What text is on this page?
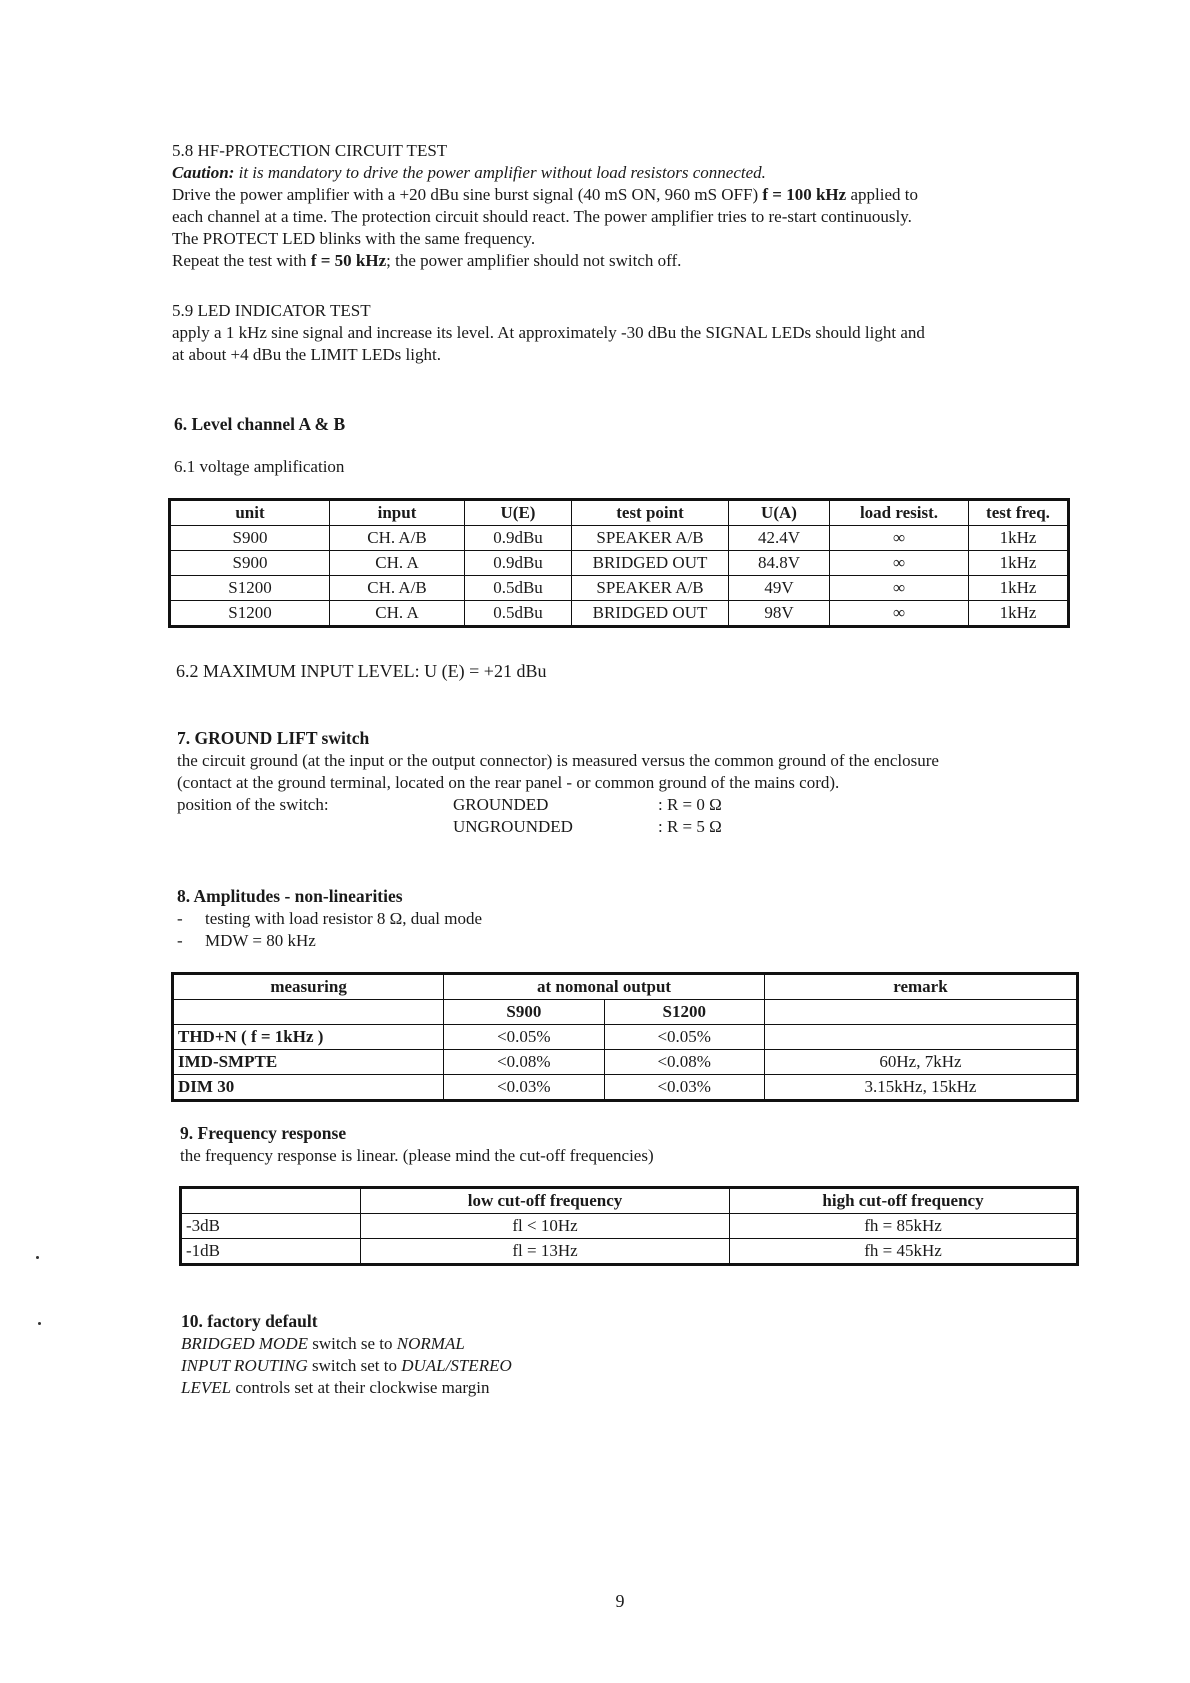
5.8 HF-PROTECTION CIRCUIT TEST

Caution: it is mandatory to drive the power amplifier without load resistors connected.

Drive the power amplifier with a +20 dBu sine burst signal (40 mS ON, 960 mS OFF) f = 100 kHz applied to

each channel at a time. The protection circuit should react. The power amplifier tries to re-start continuously.

The PROTECT LED blinks with the same frequency.

Repeat the test with f = 50 kHz; the power amplifier should not switch off.

5.9 LED INDICATOR TEST

apply a 1 kHz sine signal and increase its level. At approximately -30 dBu the SIGNAL LEDs should light and

at about +4 dBu the LIMIT LEDs light.

6. Level channel A & B

6.1 voltage amplification

unit	input	U(E)	test point	U(A)	load resist.	test freq.
S900	CH. A/B	0.9dBu	SPEAKER A/B	42.4V	∞	1kHz
S900	CH. A	0.9dBu	BRIDGED OUT	84.8V	∞	1kHz
S1200	CH. A/B	0.5dBu	SPEAKER A/B	49V	∞	1kHz
S1200	CH. A	0.5dBu	BRIDGED OUT	98V	∞	1kHz

6.2 MAXIMUM INPUT LEVEL: U (E) = +21 dBu

7. GROUND LIFT switch

the circuit ground (at the input or the output connector) is measured versus the common ground of the enclosure

(contact at the ground terminal, located on the rear panel - or common ground of the mains cord).

position of the switch:	GROUNDED	: R = 0 Ω

UNGROUNDED	: R = 5 Ω

8. Amplitudes - non-linearities

- testing with load resistor 8 Ω, dual mode

- MDW = 80 kHz

measuring	at nomonal output		remark
	S900	S1200	
THD+N ( f = 1kHz )	<0.05%	<0.05%	
IMD-SMPTE	<0.08%	<0.08%	60Hz, 7kHz
DIM 30	<0.03%	<0.03%	3.15kHz, 15kHz

9. Frequency response

the frequency response is linear. (please mind the cut-off frequencies)

	low cut-off frequency	high cut-off frequency
-3dB	fl < 10Hz	fh = 85kHz
-1dB	fl = 13Hz	fh = 45kHz

10. factory default

BRIDGED MODE switch se to NORMAL

INPUT ROUTING switch set to DUAL/STEREO

LEVEL controls set at their clockwise margin

9
